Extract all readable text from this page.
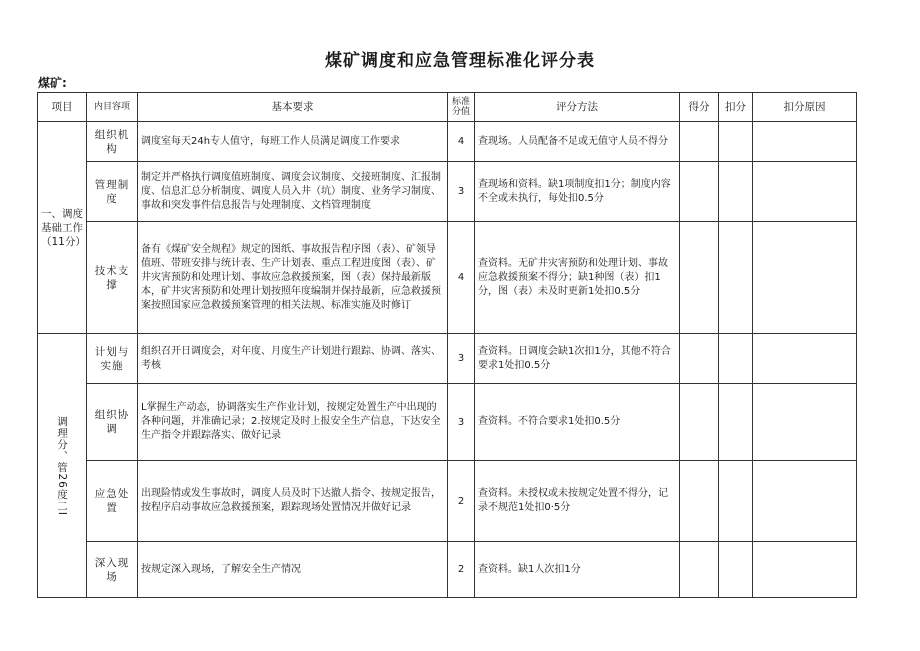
煤矿调度和应急管理标准化评分表
煤矿:
项目	内目容项	基本要求	标准分值	评分方法	得分	扣分	扣分原因
一、调度基础工作（11分）	组织机构	调度室每天24h专人值守，每班工作人员满足调度工作要求	4	查现场。人员配备不足或无值守人员不得分			
	管理制度	制定并严格执行调度值班制度、调度会议制度、交接班制度、汇报制度、信息汇总分析制度、调度人员入井（坑）制度、业务学习制度、事故和突发事件信息报告与处理制度、文档管理制度	3	查现场和资料。缺1项制度扣1分；制度内容不全或未执行，每处扣0.5分			
	技术支撑	备有《煤矿安全规程》规定的图纸、事故报告程序图（表）、矿领导值班、带班安排与统计表、生产计划表、重点工程进度图（表）、矿井灾害预防和处理计划、事故应急救援预案，图（表）保持最新版本，矿井灾害预防和处理计划按照年度编制并保持最新，应急救援预案按照国家应急救援预案管理的相关法规、标准实施及时修订	4	查资料。无矿井灾害预防和处理计划、事故应急救援预案不得分；缺1种图（表）扣1分，图（表）未及时更新1处扣0.5分			

调理分、管26度二I	计划与实施	组织召开日调度会，对年度、月度生产计划进行跟踪、协调、落实、考核	3	查资料。日调度会缺1次扣1分，其他不符合要求1处扣0.5分			
	组织协调	L掌握生产动态，协调落实生产作业计划，按规定处置生产中出现的各种问题，并准确记录；2.按规定及时上报安全生产信息，下达安全生产指令并跟踪落实、做好记录	3	查资料。不符合要求1处扣0.5分			
	应急处置	出现险情或发生事故时，调度人员及时下达撤人指令、按规定报告，按程序启动事故应急救援预案，跟踪现场处置情况并做好记录	2	查资料。未授权或未按规定处置不得分，记录不规范1处扣0·5分			
	深入现场	按规定深入现场，了解安全生产情况	2	查资料。缺1人次扣1分			
